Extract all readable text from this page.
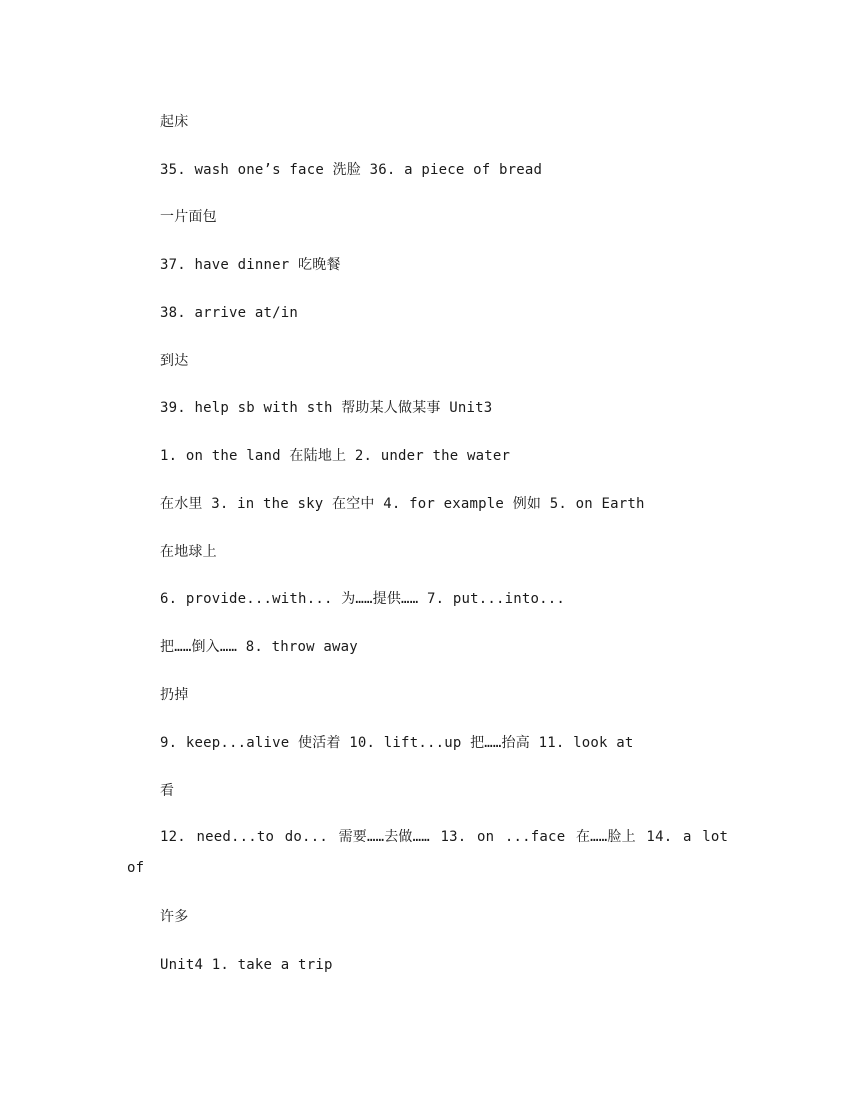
起床
35. wash one’s face 洗脸 36. a piece of bread
一片面包
37. have dinner 吃晚餐
38. arrive at/in
到达
39. help sb with sth 帮助某人做某事 Unit3
1. on the land 在陆地上 2. under the water
在水里 3. in the sky 在空中 4. for example 例如 5. on Earth
在地球上
6. provide...with... 为……提供…… 7. put...into...
把……倒入…… 8. throw away
扔掉
9. keep...alive 使活着 10. lift...up 把……抬高 11. look at
看
12. need...to do... 需要……去做…… 13. on ...face 在……脸上 14. a lot of
许多
Unit4 1. take a trip
